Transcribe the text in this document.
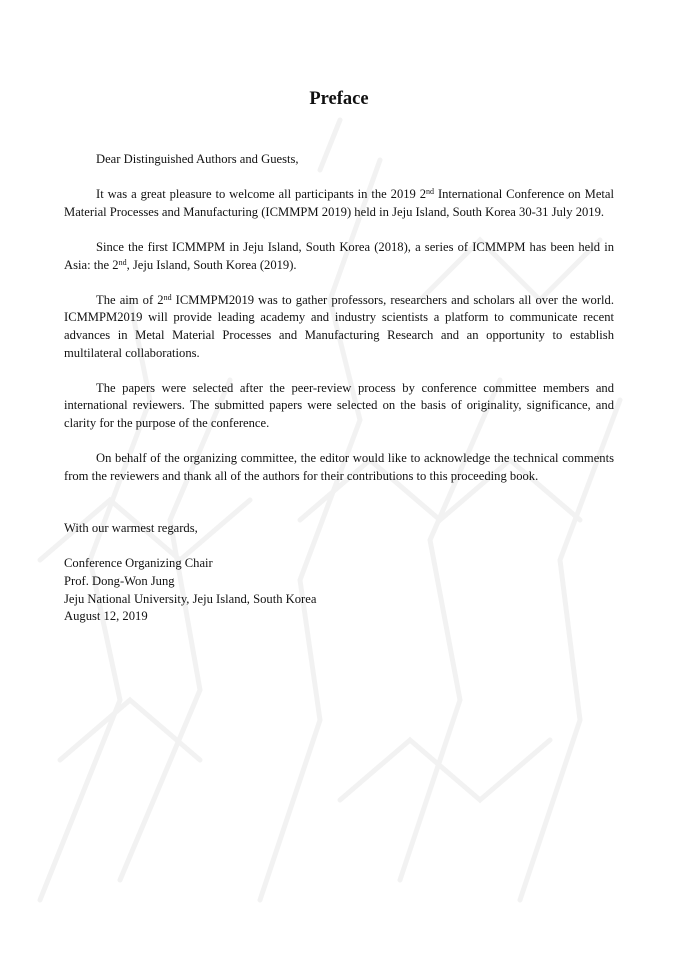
Preface

Dear Distinguished Authors and Guests,

It was a great pleasure to welcome all participants in the 2019 2nd International Conference on Metal Material Processes and Manufacturing (ICMMPM 2019) held in Jeju Island, South Korea 30-31 July 2019.

Since the first ICMMPM in Jeju Island, South Korea (2018), a series of ICMMPM has been held in Asia: the 2nd, Jeju Island, South Korea (2019).

The aim of 2nd ICMMPM2019 was to gather professors, researchers and scholars all over the world. ICMMPM2019 will provide leading academy and industry scientists a platform to communicate recent advances in Metal Material Processes and Manufacturing Research and an opportunity to establish multilateral collaborations.

The papers were selected after the peer-review process by conference committee members and international reviewers. The submitted papers were selected on the basis of originality, significance, and clarity for the purpose of the conference.

On behalf of the organizing committee, the editor would like to acknowledge the technical comments from the reviewers and thank all of the authors for their contributions to this proceeding book.

With our warmest regards,

Conference Organizing Chair
Prof. Dong-Won Jung
Jeju National University, Jeju Island, South Korea
August 12, 2019
